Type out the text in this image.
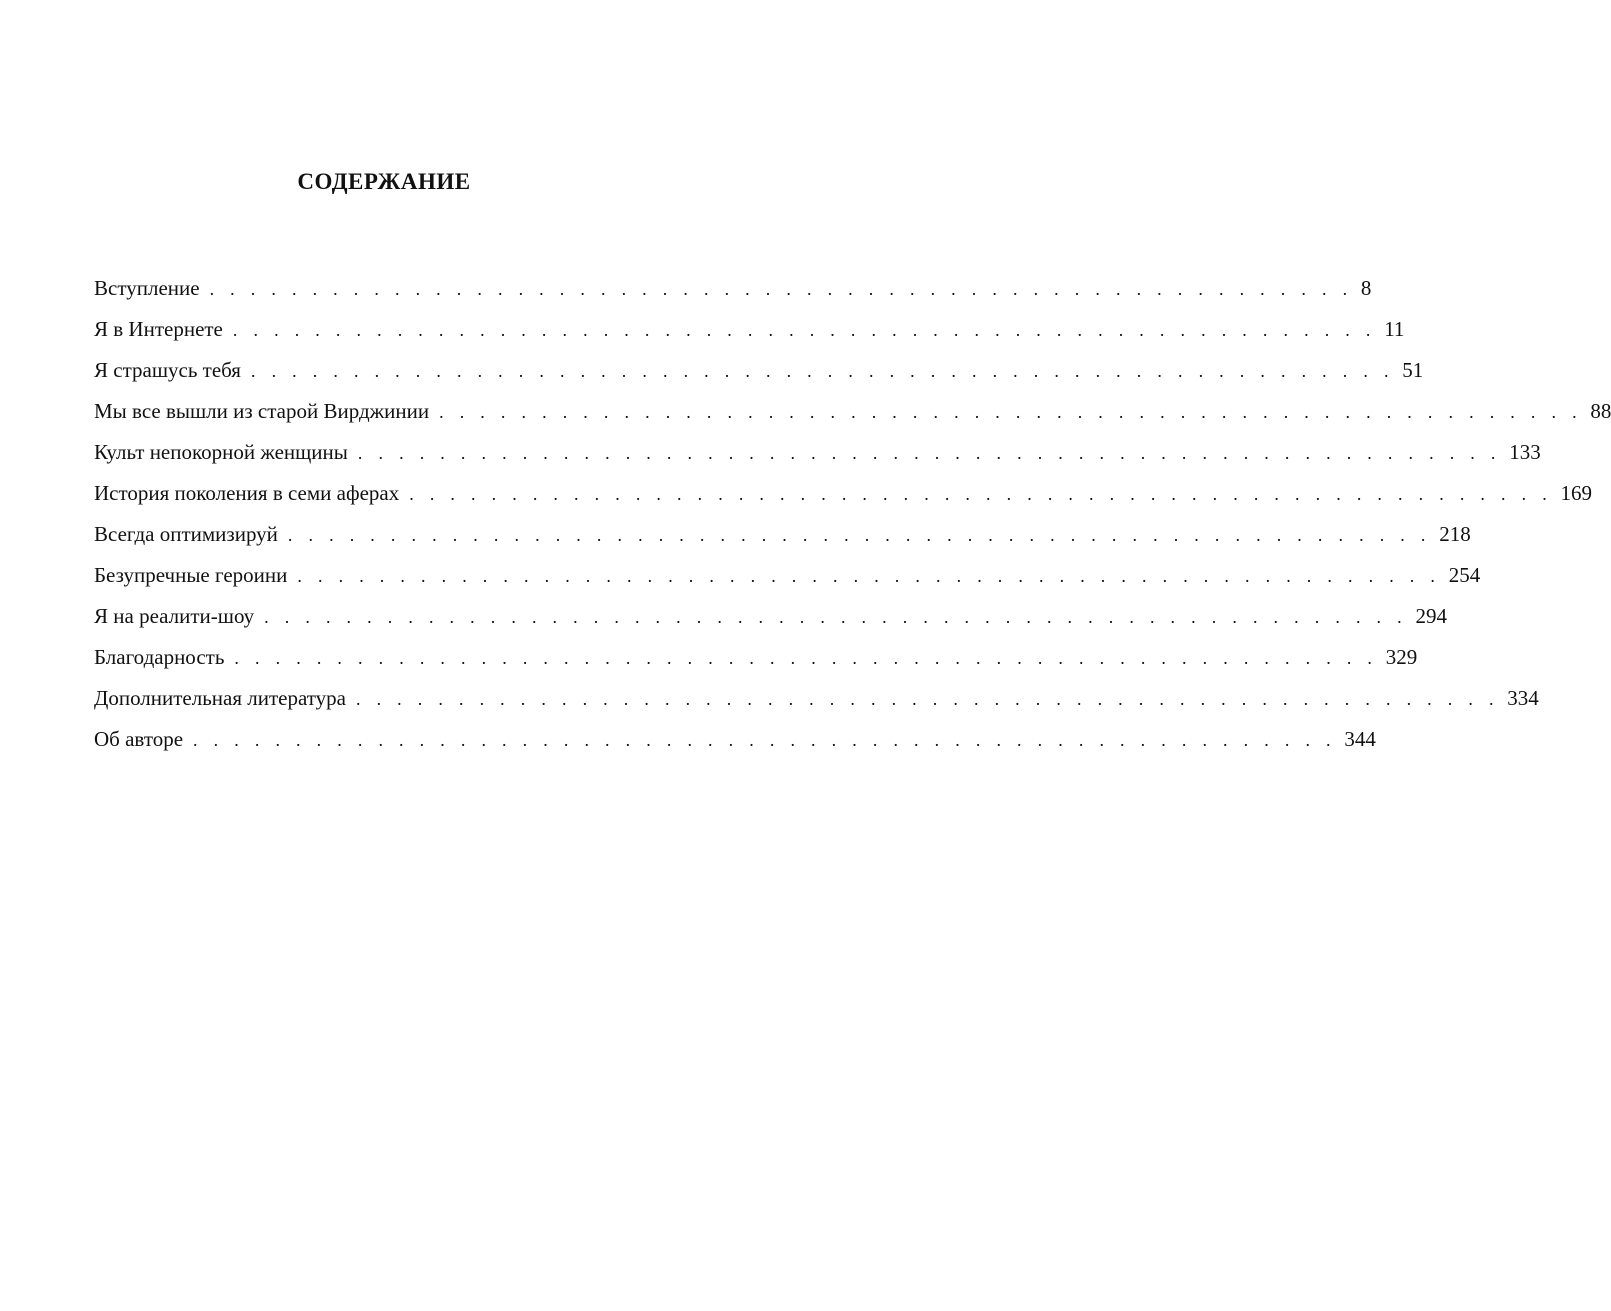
СОДЕРЖАНИЕ
Вступление . . . . . . . . . . . . . . . . . . . . . . . . . . . . . . . . . . . . . . . . . . . . . . . . . . . . . . . . 8
Я в Интернете . . . . . . . . . . . . . . . . . . . . . . . . . . . . . . . . . . . . . . . . . . . . . . . . . . . . . . . . 11
Я страшусь тебя . . . . . . . . . . . . . . . . . . . . . . . . . . . . . . . . . . . . . . . . . . . . . . . . . . . . . . . . 51
Мы все вышли из старой Вирджинии . . . . . . . . . . . . . . . . . . . . . . . . . . . . . . . . . . . . . . . . . . . . . . . . . . . . . . . . 88
Культ непокорной женщины . . . . . . . . . . . . . . . . . . . . . . . . . . . . . . . . . . . . . . . . . . . . . . . . . . . . . . . . 133
История поколения в семи аферах . . . . . . . . . . . . . . . . . . . . . . . . . . . . . . . . . . . . . . . . . . . . . . . . . . . . . . . . 169
Всегда оптимизируй . . . . . . . . . . . . . . . . . . . . . . . . . . . . . . . . . . . . . . . . . . . . . . . . . . . . . . . . 218
Безупречные героини . . . . . . . . . . . . . . . . . . . . . . . . . . . . . . . . . . . . . . . . . . . . . . . . . . . . . . . . 254
Я на реалити-шоу . . . . . . . . . . . . . . . . . . . . . . . . . . . . . . . . . . . . . . . . . . . . . . . . . . . . . . . . 294
Благодарность . . . . . . . . . . . . . . . . . . . . . . . . . . . . . . . . . . . . . . . . . . . . . . . . . . . . . . . . 329
Дополнительная литература . . . . . . . . . . . . . . . . . . . . . . . . . . . . . . . . . . . . . . . . . . . . . . . . . . . . . . . . 334
Об авторе . . . . . . . . . . . . . . . . . . . . . . . . . . . . . . . . . . . . . . . . . . . . . . . . . . . . . . . . 344
